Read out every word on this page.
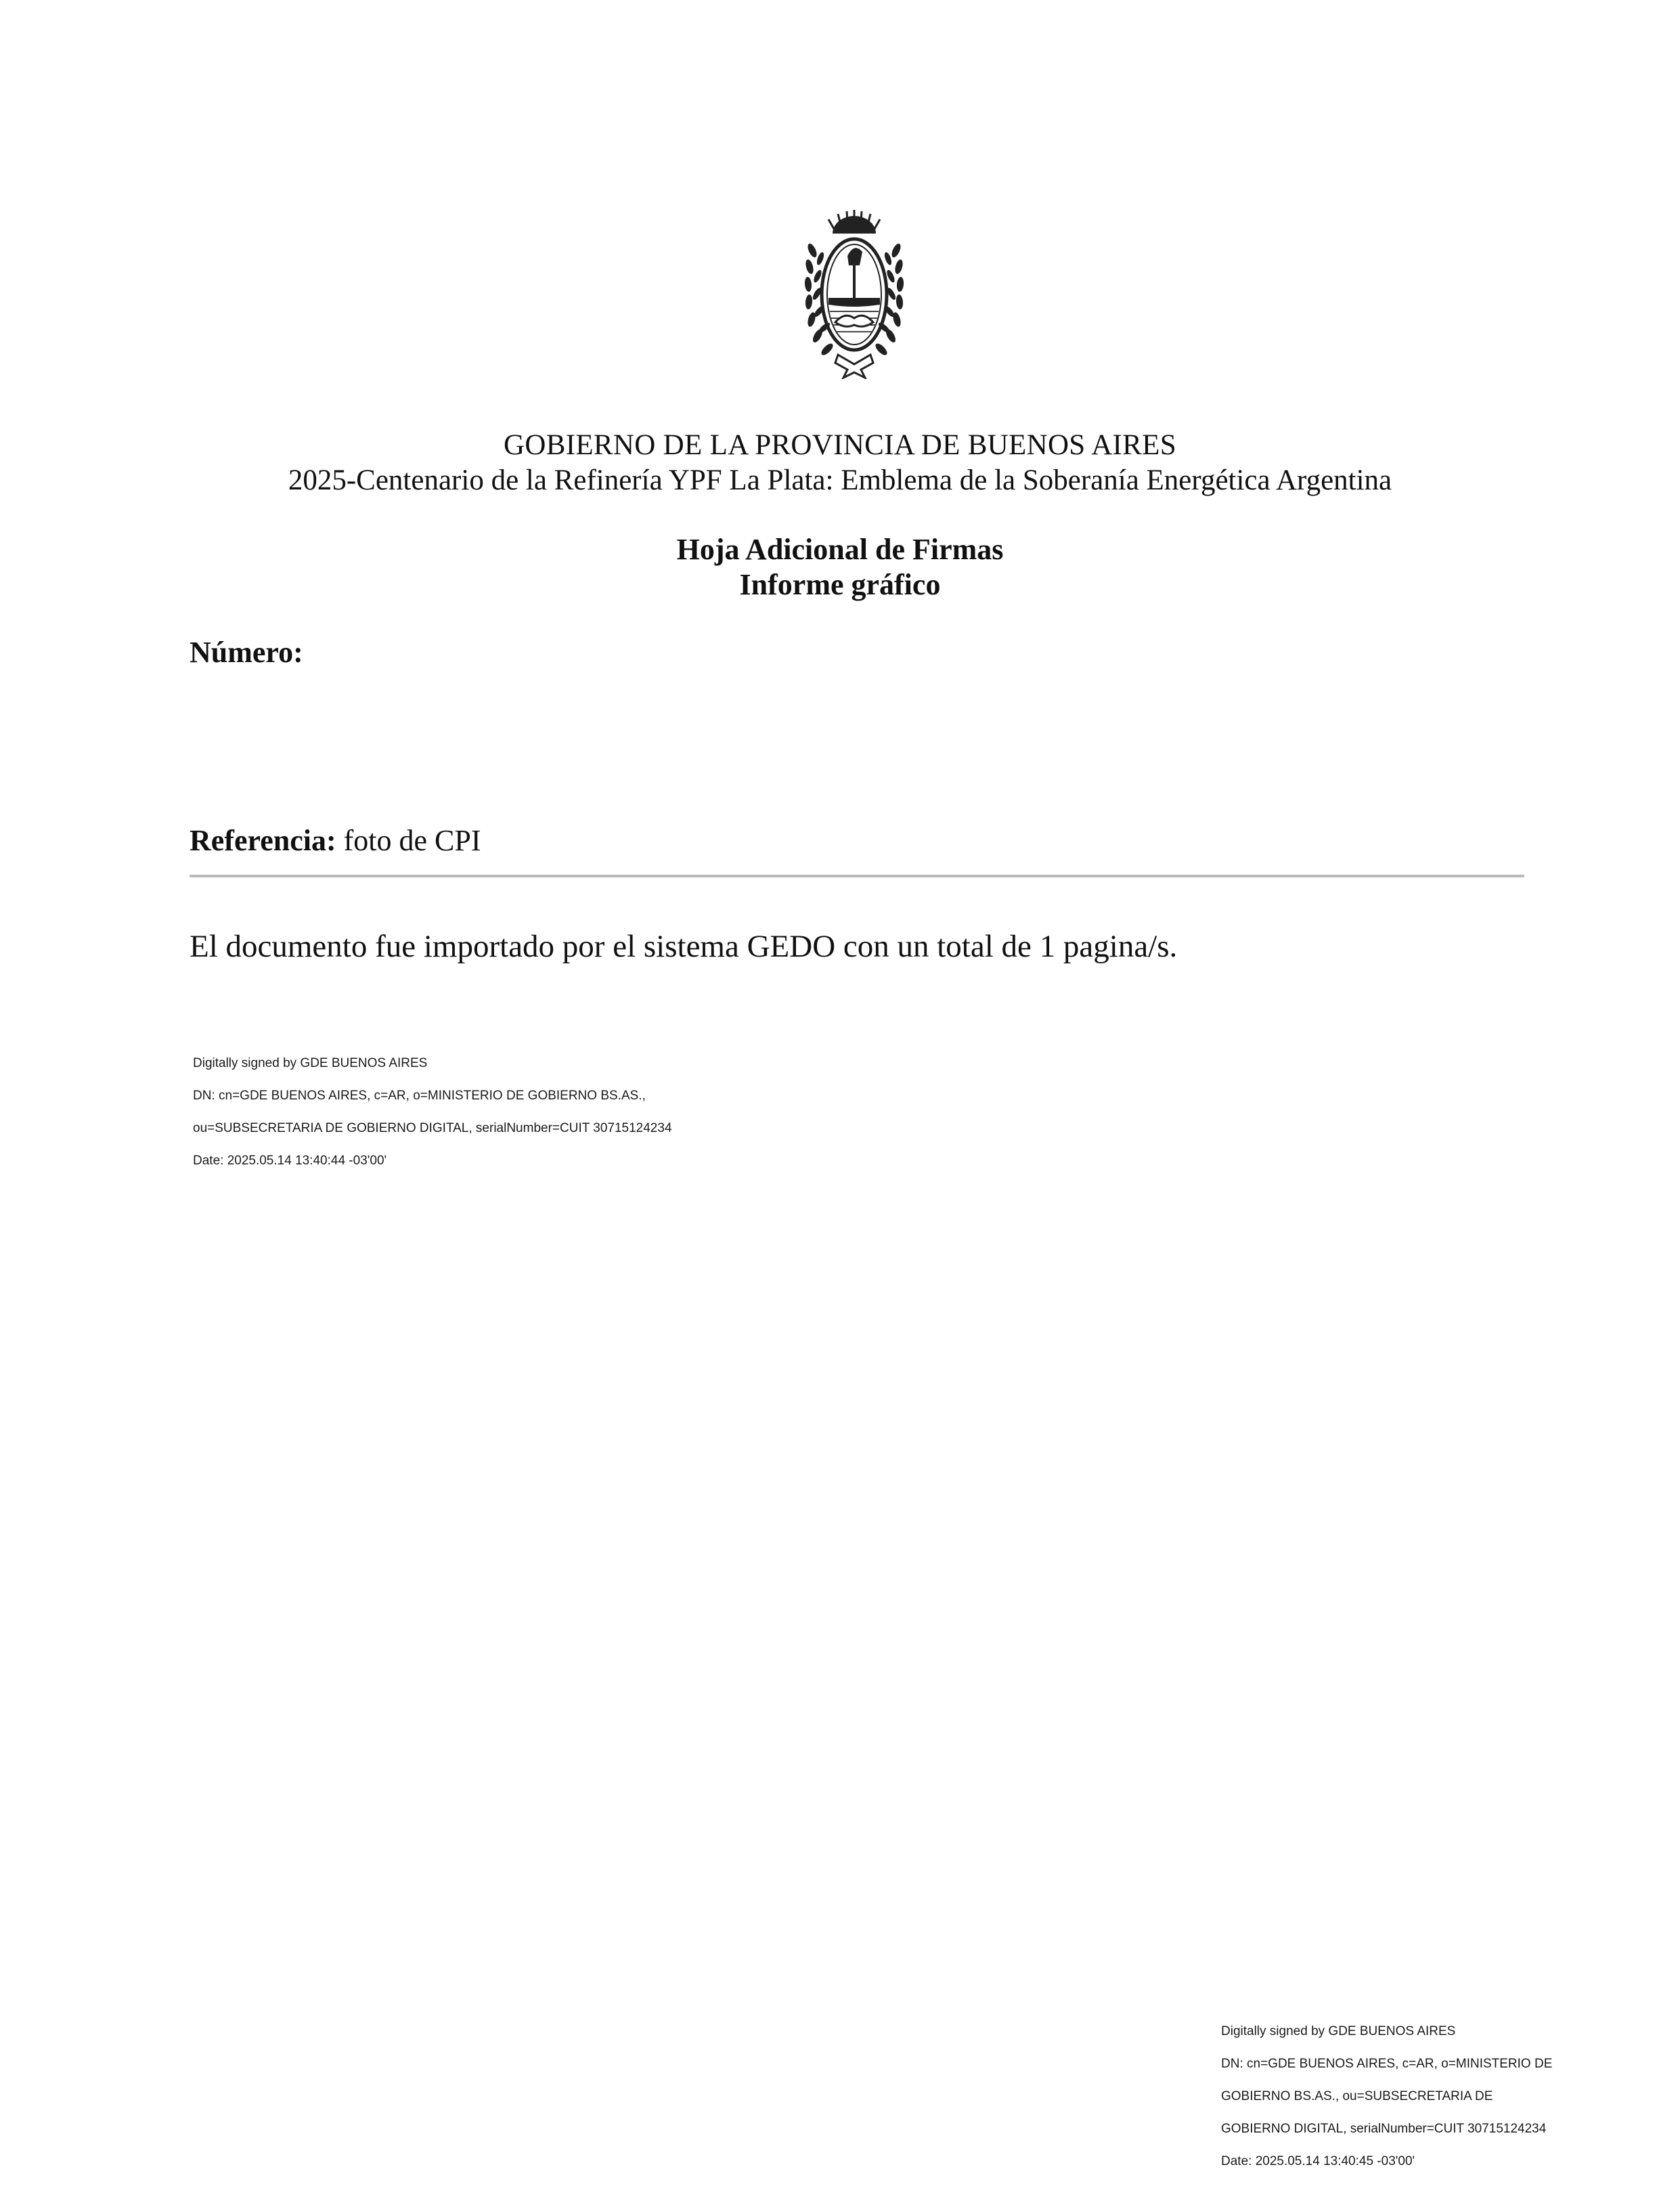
GOBIERNO DE LA PROVINCIA DE BUENOS AIRES
2025-Centenario de la Refinería YPF La Plata: Emblema de la Soberanía Energética Argentina
Hoja Adicional de Firmas
Informe gráfico
Número:
Referencia: foto de CPI
El documento fue importado por el sistema GEDO con un total de 1 pagina/s.

Digitally signed by GDE BUENOS AIRES

DN: cn=GDE BUENOS AIRES, c=AR, o=MINISTERIO DE GOBIERNO BS.AS.,

ou=SUBSECRETARIA DE GOBIERNO DIGITAL, serialNumber=CUIT 30715124234

Date: 2025.05.14 13:40:44 -03'00'

Digitally signed by GDE BUENOS AIRES

DN: cn=GDE BUENOS AIRES, c=AR, o=MINISTERIO DE

GOBIERNO BS.AS., ou=SUBSECRETARIA DE

GOBIERNO DIGITAL, serialNumber=CUIT 30715124234

Date: 2025.05.14 13:40:45 -03'00'
